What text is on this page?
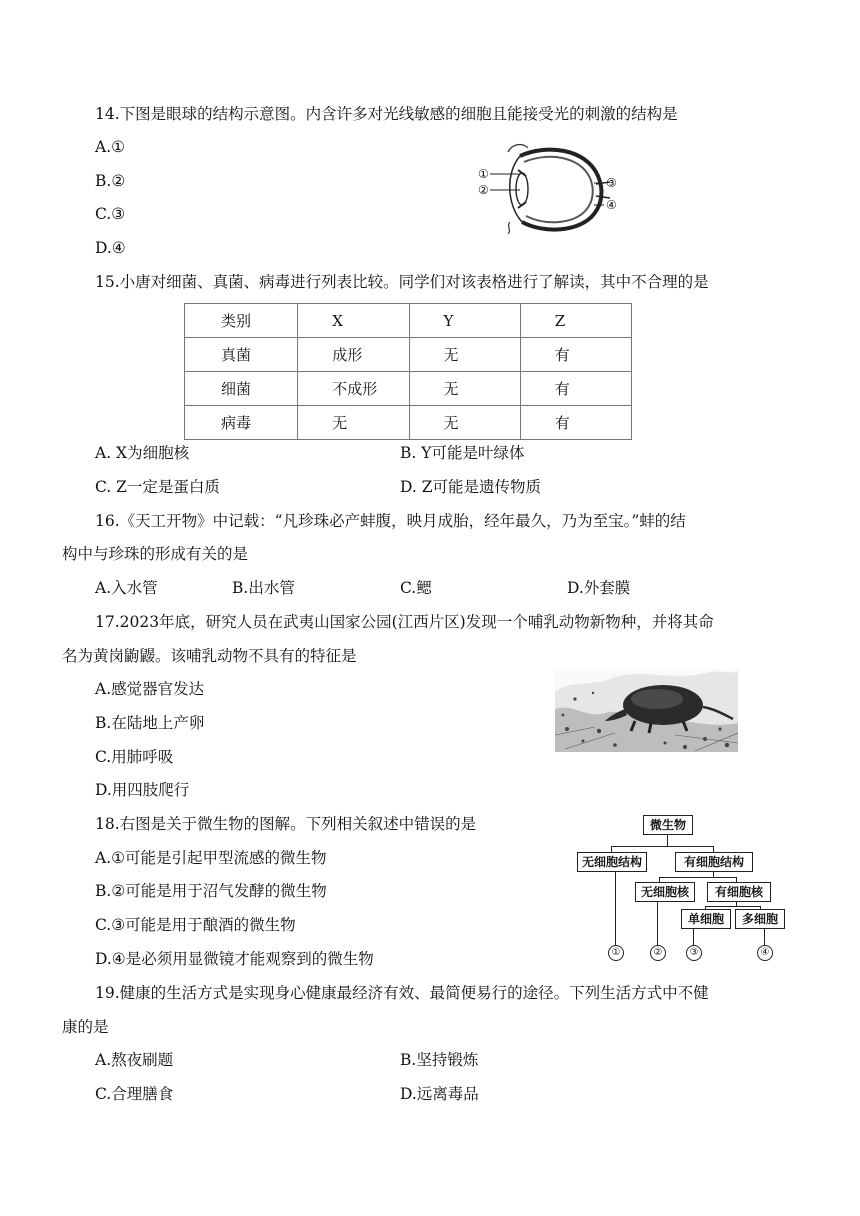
14.下图是眼球的结构示意图。内含许多对光线敏感的细胞且能接受光的刺激的结构是
A.①
B.②
C.③
D.④
①
②	③
④
15.小唐对细菌、真菌、病毒进行列表比较。同学们对该表格进行了解读，其中不合理的是
类别	X	Y	Z
真菌	成形	无	有
细菌	不成形	无	有
病毒	无	无	有
A. X为细胞核	B. Y可能是叶绿体
C. Z一定是蛋白质	D. Z可能是遗传物质
16.《天工开物》中记载：“凡珍珠必产蚌腹，映月成胎，经年最久，乃为至宝。”蚌的结
构中与珍珠的形成有关的是
A.入水管	B.出水管	C.鳃	D.外套膜
17.2023年底，研究人员在武夷山国家公园(江西片区)发现一个哺乳动物新物种，并将其命
名为黄岗鼩鼹。该哺乳动物不具有的特征是
A.感觉器官发达
B.在陆地上产卵
C.用肺呼吸
D.用四肢爬行
18.右图是关于微生物的图解。下列相关叙述中错误的是
A.①可能是引起甲型流感的微生物
B.②可能是用于沼气发酵的微生物
C.③可能是用于酿酒的微生物
D.④是必须用显微镜才能观察到的微生物
微生物
无细胞结构	有细胞结构
无细胞核	有细胞核
单细胞	多细胞
①	②	③	④
19.健康的生活方式是实现身心健康最经济有效、最简便易行的途径。下列生活方式中不健
康的是
A.熬夜刷题	B.坚持锻炼
C.合理膳食	D.远离毒品
